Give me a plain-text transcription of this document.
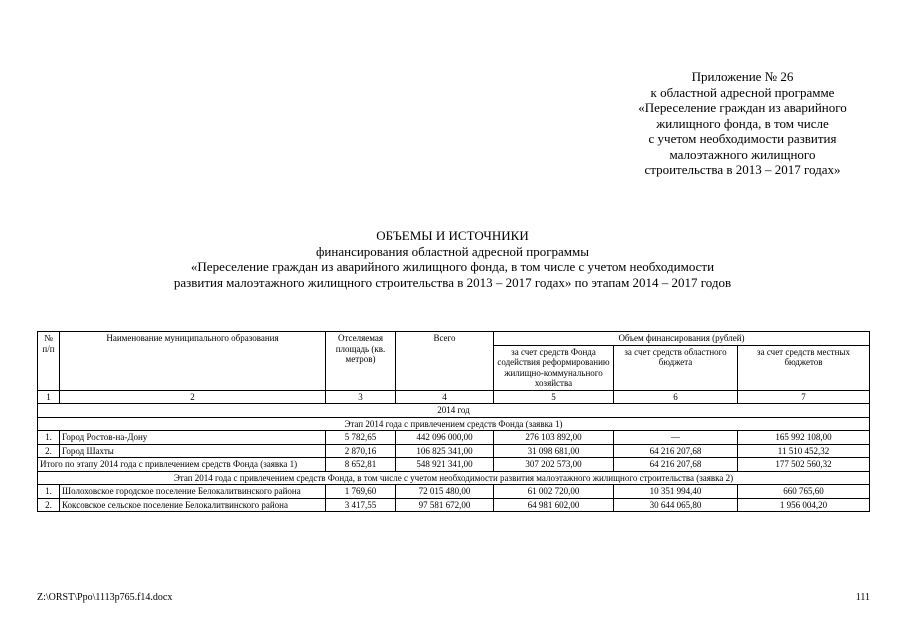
Приложение № 26
к областной адресной программе
«Переселение граждан из аварийного
жилищного фонда, в том числе
с учетом необходимости развития
малоэтажного жилищного
строительства в 2013 – 2017 годах»
ОБЪЕМЫ И ИСТОЧНИКИ
финансирования областной адресной программы
«Переселение граждан из аварийного жилищного фонда, в том числе с учетом необходимости
развития малоэтажного жилищного строительства в 2013 – 2017 годах» по этапам 2014 – 2017 годов
№ п/п	Наименование муниципального образования	Отселяемая площадь (кв. метров)	Всего	Объем финансирования (рублей)		
				за счет средств Фонда содействия реформированию жилищно-коммунального хозяйства	за счет средств областного бюджета	за счет средств местных бюджетов
1	2	3	4	5	6	7
2014 год						
Этап 2014 года с привлечением средств Фонда (заявка 1)						
1.	Город Ростов-на-Дону	5 782,65	442 096 000,00	276 103 892,00	—	165 992 108,00
2.	Город Шахты	2 870,16	106 825 341,00	31 098 681,00	64 216 207,68	11 510 452,32
Итого по этапу 2014 года с привлечением средств Фонда (заявка 1)		8 652,81	548 921 341,00	307 202 573,00	64 216 207,68	177 502 560,32
Этап 2014 года с привлечением средств Фонда, в том числе с учетом необходимости развития малоэтажного жилищного строительства (заявка 2)						
1.	Шолоховское городское поселение Белокалитвинского района	1 769,60	72 015 480,00	61 002 720,00	10 351 994,40	660 765,60
2.	Коксовское сельское поселение Белокалитвинского района	3 417,55	97 581 672,00	64 981 602,00	30 644 065,80	1 956 004,20
Z:\ORST\Ppo\1113p765.f14.docx	111
